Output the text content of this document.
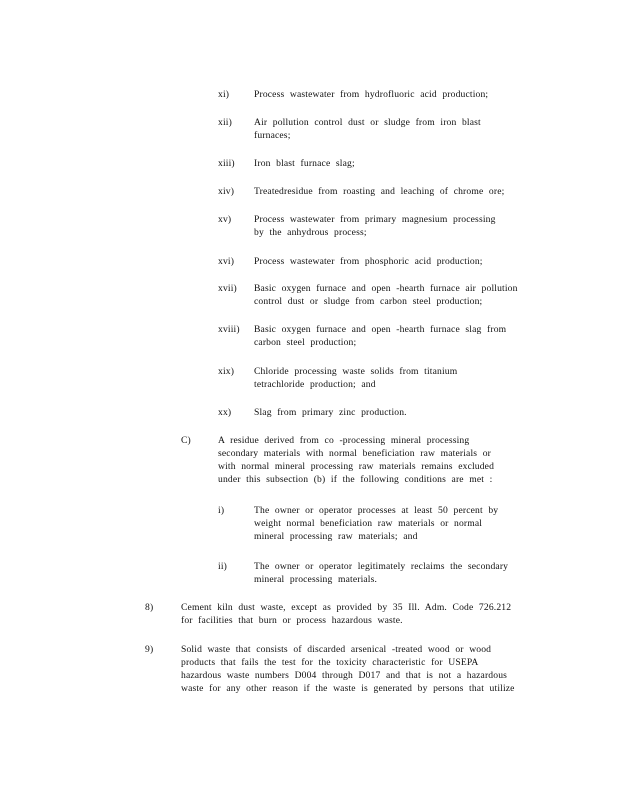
xi)	Process wastewater from hydrofluoric acid production;
xii) Air pollution control dust or sludge from iron blast
furnaces;
xiii) Iron blast furnace slag;
xiv) Treatedresidue from roasting and leaching of chrome ore;
xv) Process wastewater from primary magnesium processing
by the anhydrous process;
xvi) Process wastewater from phosphoric acid production;
xvii) Basic oxygen furnace and open -hearth furnace air pollution
control dust or sludge from carbon steel production;
xviii) Basic oxygen furnace and open -hearth furnace slag from
carbon steel production;
xix) Chloride processing waste solids from titanium
tetrachloride production; and
xx) Slag from primary zinc production.
C)	A residue derived from co -processing mineral processing
secondary materials with normal beneficiation raw materials or
with normal mineral processing raw materials remains excluded
under this subsection (b) if the following conditions are met :
i)	The owner or operator processes at least 50 percent by
weight normal beneficiation raw materials or normal
mineral processing raw materials; and
ii)	The owner or operator legitimately reclaims the secondary
mineral processing materials.
8)	Cement kiln dust waste, except as provided by 35 Ill. Adm. Code 726.212
for facilities that burn or process hazardous waste.
9)	Solid waste that consists of discarded arsenical -treated wood or wood
products that fails the test for the toxicity characteristic for USEPA
hazardous waste numbers D004 through D017 and that is not a hazardous
waste for any other reason if the waste is generated by persons that utilize
